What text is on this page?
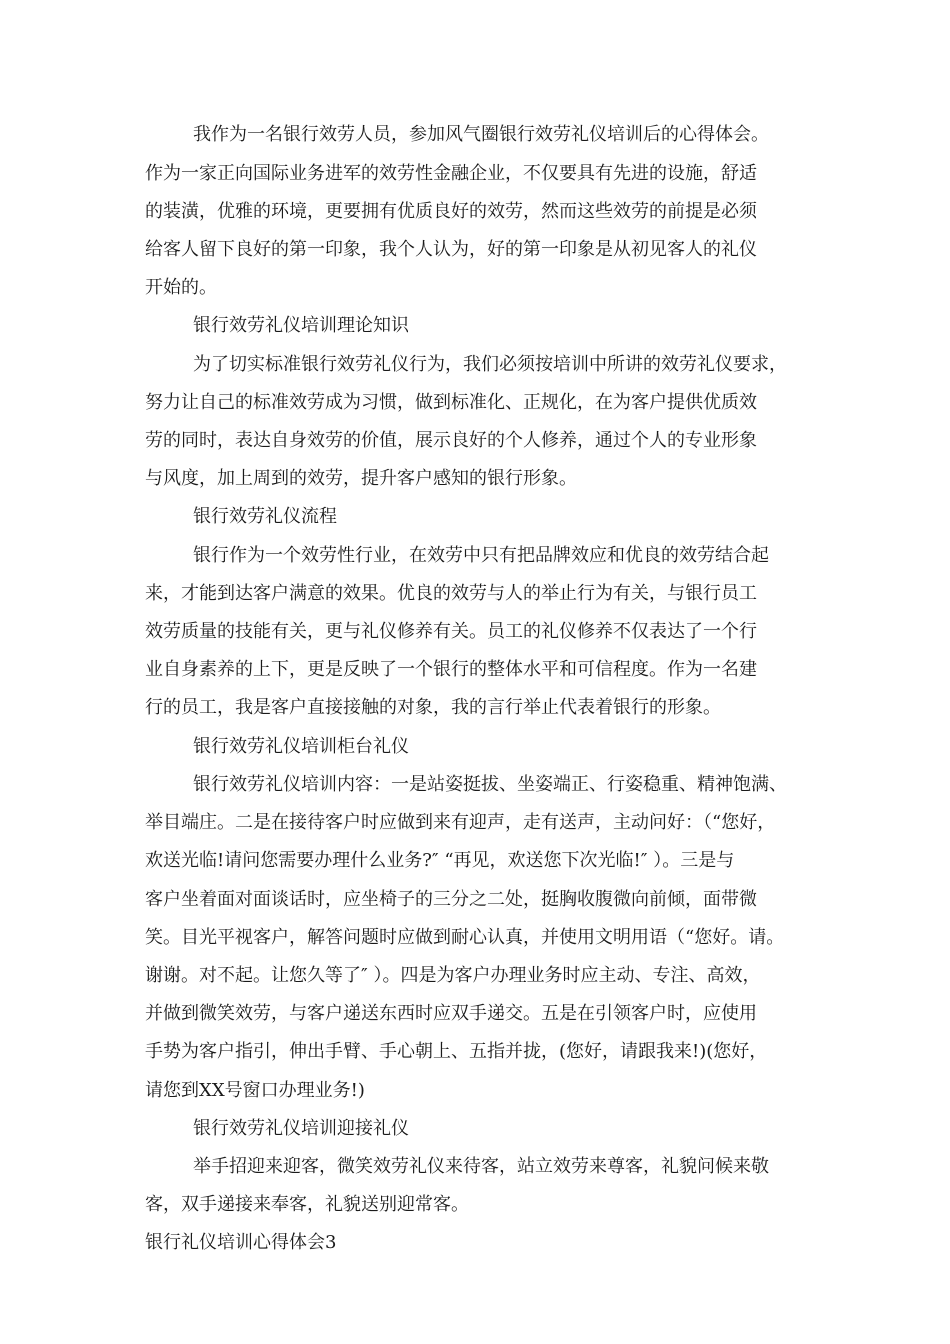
我作为一名银行效劳人员，参加风气圈银行效劳礼仪培训后的心得体会。
作为一家正向国际业务进军的效劳性金融企业，不仅要具有先进的设施，舒适
的装潢，优雅的环境，更要拥有优质良好的效劳，然而这些效劳的前提是必须
给客人留下良好的第一印象，我个人认为，好的第一印象是从初见客人的礼仪
开始的。
银行效劳礼仪培训理论知识
为了切实标准银行效劳礼仪行为，我们必须按培训中所讲的效劳礼仪要求，
努力让自己的标准效劳成为习惯，做到标准化、正规化，在为客户提供优质效
劳的同时，表达自身效劳的价值，展示良好的个人修养，通过个人的专业形象
与风度，加上周到的效劳，提升客户感知的银行形象。
银行效劳礼仪流程
银行作为一个效劳性行业，在效劳中只有把品牌效应和优良的效劳结合起
来，才能到达客户满意的效果。优良的效劳与人的举止行为有关，与银行员工
效劳质量的技能有关，更与礼仪修养有关。员工的礼仪修养不仅表达了一个行
业自身素养的上下，更是反映了一个银行的整体水平和可信程度。作为一名建
行的员工，我是客户直接接触的对象，我的言行举止代表着银行的形象。
银行效劳礼仪培训柜台礼仪
银行效劳礼仪培训内容：一是站姿挺拔、坐姿端正、行姿稳重、精神饱满、
举目端庄。二是在接待客户时应做到来有迎声，走有送声，主动问好：（“您好，
欢送光临!请问您需要办理什么业务?″ “再见，欢送您下次光临!″ ）。三是与
客户坐着面对面谈话时，应坐椅子的三分之二处，挺胸收腹微向前倾，面带微
笑。目光平视客户，解答问题时应做到耐心认真，并使用文明用语（“您好。请。
谢谢。对不起。让您久等了″ ）。四是为客户办理业务时应主动、专注、高效，
并做到微笑效劳，与客户递送东西时应双手递交。五是在引领客户时，应使用
手势为客户指引，伸出手臂、手心朝上、五指并拢，(您好，请跟我来!)(您好，
请您到XX号窗口办理业务!)
银行效劳礼仪培训迎接礼仪
举手招迎来迎客，微笑效劳礼仪来待客，站立效劳来尊客，礼貌问候来敬
客，双手递接来奉客，礼貌送别迎常客。
银行礼仪培训心得体会3
